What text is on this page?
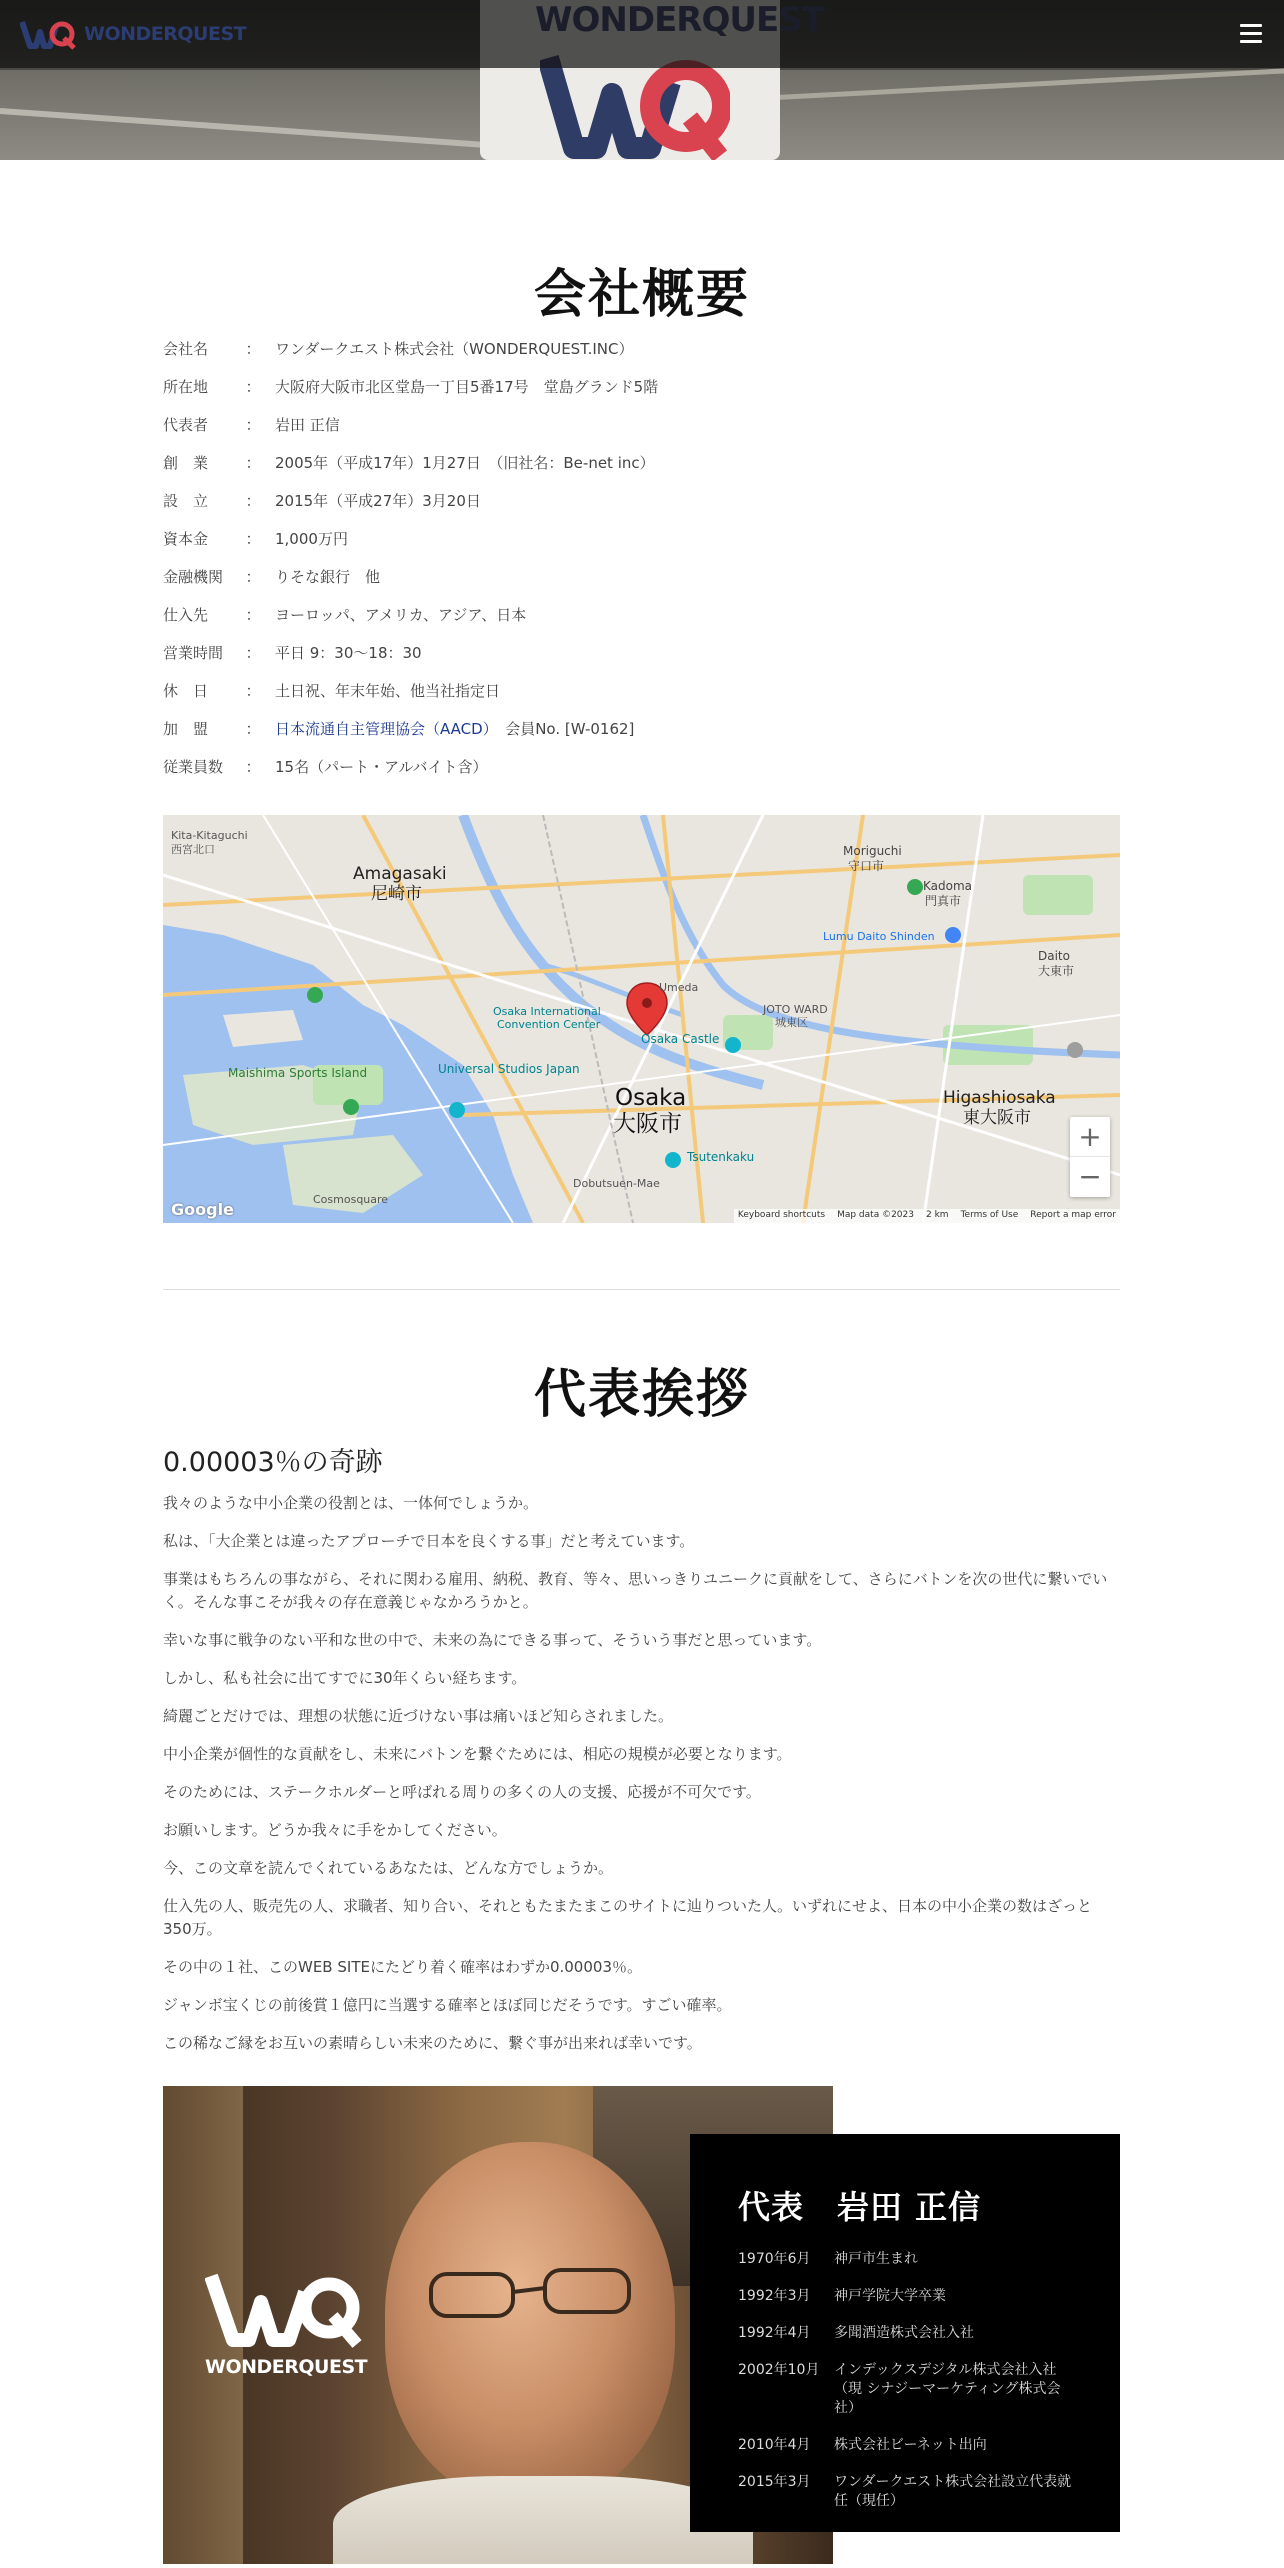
WONDERQUEST
会社概要
会社名	： ワンダークエスト株式会社（WONDERQUEST.INC）
所在地	： 大阪府大阪市北区堂島一丁目5番17号　堂島グランド5階
代表者	： 岩田 正信
創　業	： 2005年（平成17年）1月27日　（旧社名：Be-net inc）
設　立	： 2015年（平成27年）3月20日
資本金	： 1,000万円
金融機関	： りそな銀行　他
仕入先	： ヨーロッパ、アメリカ、アジア、日本
営業時間	： 平日 9：30～18：30
休　日	： 土日祝、年末年始、他当社指定日
加　盟	： 日本流通自主管理協会（AACD）　会員No. [W-0162]
従業員数	： 15名（パート・アルバイト含）
Kita-Kitaguchi
西宮北口
Amagasaki
尼崎市
Moriguchi
守口市
Kadoma
門真市
Daito
大東市
JOTO WARD
城東区
Osaka
大阪市
Higashiosaka
東大阪市
Maishima Sports Island	Universal Studios Japan
Osaka Castle
Tsutenkaku
Osaka International
Convention Center
Cosmosquare
Dobutsuen-Mae
Umeda
Lumu Daito Shinden
Google
+
−
Keyboard shortcuts Map data ©2023 2 km Terms of Use Report a map error
代表挨拶
0.00003％の奇跡

我々のような中小企業の役割とは、一体何でしょうか。

私は、「大企業とは違ったアプローチで日本を良くする事」だと考えています。

事業はもちろんの事ながら、それに関わる雇用、納税、教育、等々、思いっきりユニークに貢献をして、さらにバトンを次の世代に繋いでいく。そんな事こそが我々の存在意義じゃなかろうかと。

幸いな事に戦争のない平和な世の中で、未来の為にできる事って、そういう事だと思っています。

しかし、私も社会に出てすでに30年くらい経ちます。

綺麗ごとだけでは、理想の状態に近づけない事は痛いほど知らされました。

中小企業が個性的な貢献をし、未来にバトンを繋ぐためには、相応の規模が必要となります。

そのためには、ステークホルダーと呼ばれる周りの多くの人の支援、応援が不可欠です。

お願いします。どうか我々に手をかしてください。

今、この文章を読んでくれているあなたは、どんな方でしょうか。

仕入先の人、販売先の人、求職者、知り合い、それともたまたまこのサイトに辿りついた人。いずれにせよ、日本の中小企業の数はざっと350万。

その中の１社、このWEB SITEにたどり着く確率はわずか0.00003％。

ジャンボ宝くじの前後賞１億円に当選する確率とほぼ同じだそうです。すごい確率。

この稀なご縁をお互いの素晴らしい未来のために、繋ぐ事が出来れば幸いです。

WONDERQUEST
代表　岩田 正信
1970年6月	神戸市生まれ
1992年3月	神戸学院大学卒業
1992年4月	多聞酒造株式会社入社
2002年10月	インデックスデジタル株式会社入社（現 シナジーマーケティング株式会社）
2010年4月	株式会社ビーネット出向
2015年3月	ワンダークエスト株式会社設立代表就任（現任）
